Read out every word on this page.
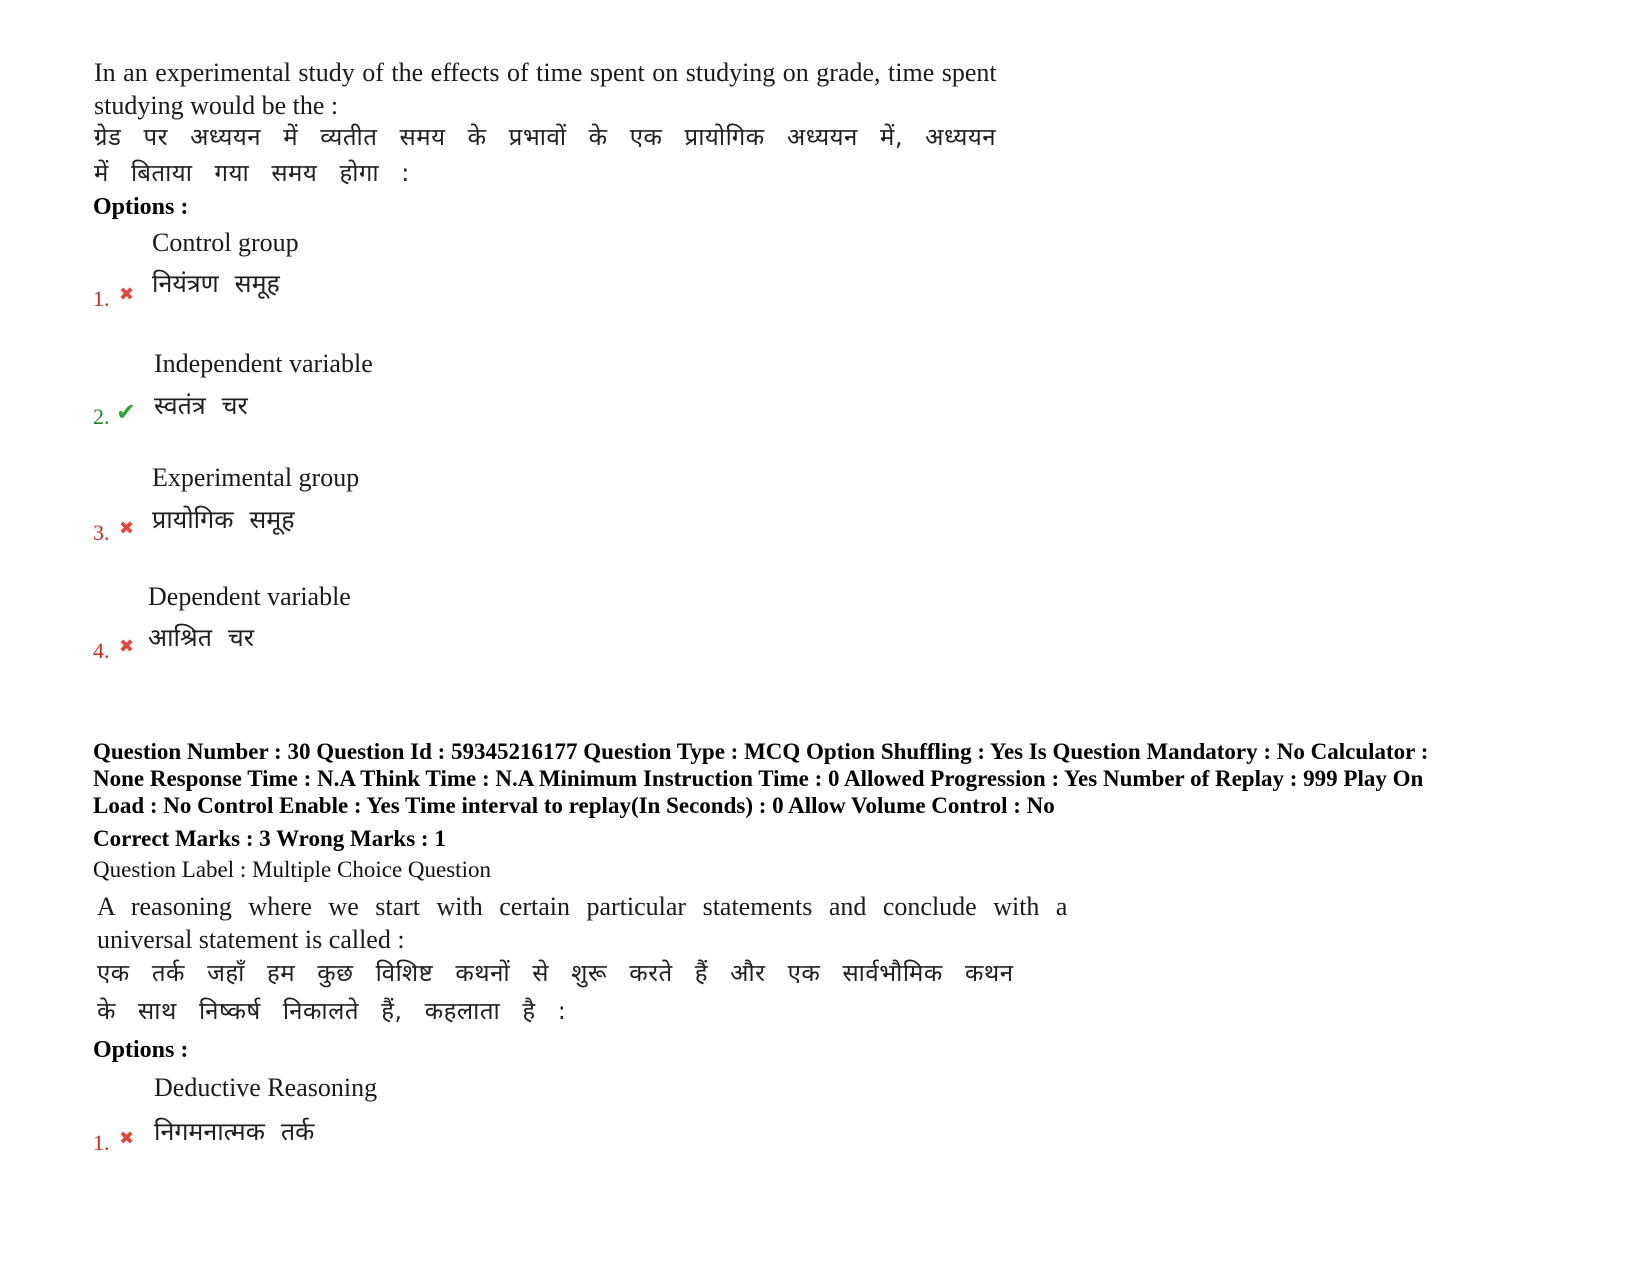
In an experimental study of the effects of time spent on studying on grade, time spent
studying would be the :
ग्रेड पर अध्ययन में व्यतीत समय के प्रभावों के एक प्रायोगिक अध्ययन में, अध्ययन
में बिताया गया समय होगा :
Options :
Control group
नियंत्रण समूह
1. ✖
Independent variable
स्वतंत्र चर
2. ✔
Experimental group
प्रायोगिक समूह
3. ✖
Dependent variable
आश्रित चर
4. ✖
Question Number : 30 Question Id : 59345216177 Question Type : MCQ Option Shuffling : Yes Is Question Mandatory : No Calculator :
None Response Time : N.A Think Time : N.A Minimum Instruction Time : 0 Allowed Progression : Yes Number of Replay : 999 Play On
Load : No Control Enable : Yes Time interval to replay(In Seconds) : 0 Allow Volume Control : No
Correct Marks : 3 Wrong Marks : 1
Question Label : Multiple Choice Question
A reasoning where we start with certain particular statements and conclude with a
universal statement is called :
एक तर्क जहाँ हम कुछ विशिष्ट कथनों से शुरू करते हैं और एक सार्वभौमिक कथन
के साथ निष्कर्ष निकालते हैं, कहलाता है :
Options :
Deductive Reasoning
निगमनात्मक तर्क
1. ✖
